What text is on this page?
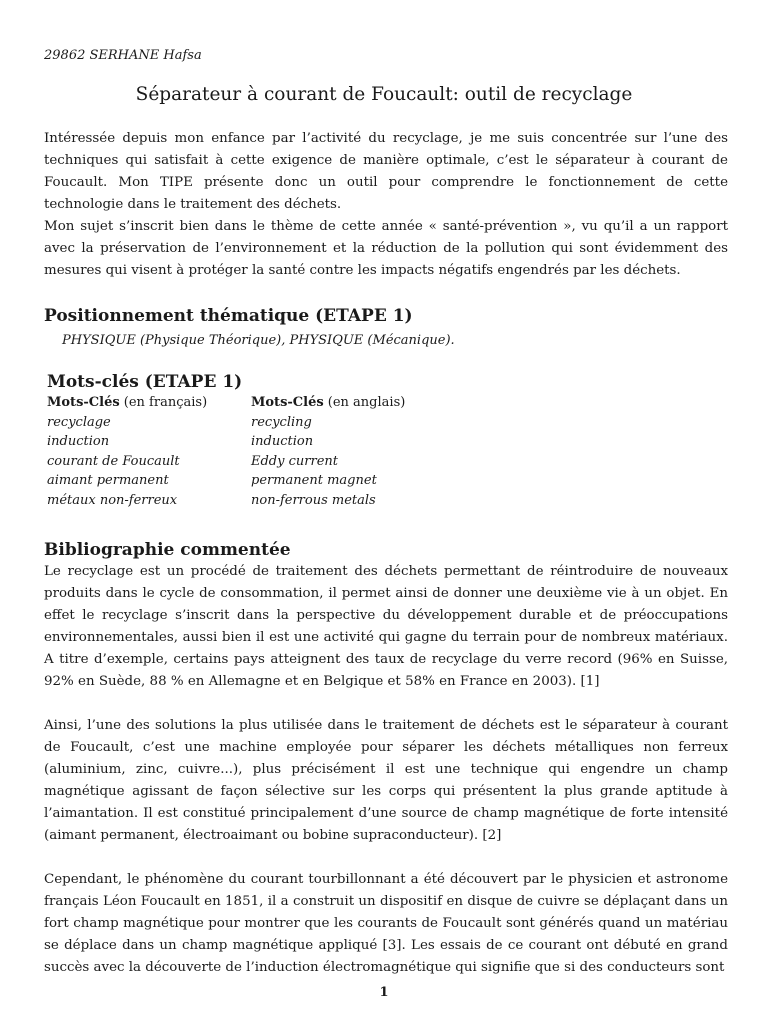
29862 SERHANE Hafsa
Séparateur à courant de Foucault: outil de recyclage

Intéressée depuis mon enfance par l’activité du recyclage, je me suis concentrée sur l’une des techniques qui satisfait à cette exigence de manière optimale, c’est le séparateur à courant de Foucault. Mon TIPE présente donc un outil pour comprendre le fonctionnement de cette technologie dans le traitement des déchets.

Mon sujet s’inscrit bien dans le thème de cette année « santé-prévention », vu qu’il a un rapport avec la préservation de l’environnement et la réduction de la pollution qui sont évidemment des mesures qui visent à protéger la santé contre les impacts négatifs engendrés par les déchets.

Positionnement thématique (ETAPE 1)
PHYSIQUE (Physique Théorique), PHYSIQUE (Mécanique).
Mots-clés (ETAPE 1)
Mots-Clés (en français)	Mots-Clés (en anglais)
recyclage	recycling
induction	induction
courant de Foucault	Eddy current
aimant permanent	permanent magnet
métaux non-ferreux	non-ferrous metals
Bibliographie commentée

Le recyclage est un procédé de traitement des déchets permettant de réintroduire de nouveaux produits dans le cycle de consommation, il permet ainsi de donner une deuxième vie à un objet. En effet le recyclage s’inscrit dans la perspective du développement durable et de préoccupations environnementales, aussi bien il est une activité qui gagne du terrain pour de nombreux matériaux. A titre d’exemple, certains pays atteignent des taux de recyclage du verre record (96% en Suisse, 92% en Suède, 88 % en Allemagne et en Belgique et 58% en France en 2003). [1]

Ainsi, l’une des solutions la plus utilisée dans le traitement de déchets est le séparateur à courant de Foucault, c’est une machine employée pour séparer les déchets métalliques non ferreux (aluminium, zinc, cuivre...), plus précisément il est une technique qui engendre un champ magnétique agissant de façon sélective sur les corps qui présentent la plus grande aptitude à l’aimantation. Il est constitué principalement d’une source de champ magnétique de forte intensité (aimant permanent, électroaimant ou bobine supraconducteur). [2]

Cependant, le phénomène du courant tourbillonnant a été découvert par le physicien et astronome français Léon Foucault en 1851, il a construit un dispositif en disque de cuivre se déplaçant dans un fort champ magnétique pour montrer que les courants de Foucault sont générés quand un matériau se déplace dans un champ magnétique appliqué [3]. Les essais de ce courant ont débuté en grand succès avec la découverte de l’induction électromagnétique qui signifie que si des conducteurs sont

1
